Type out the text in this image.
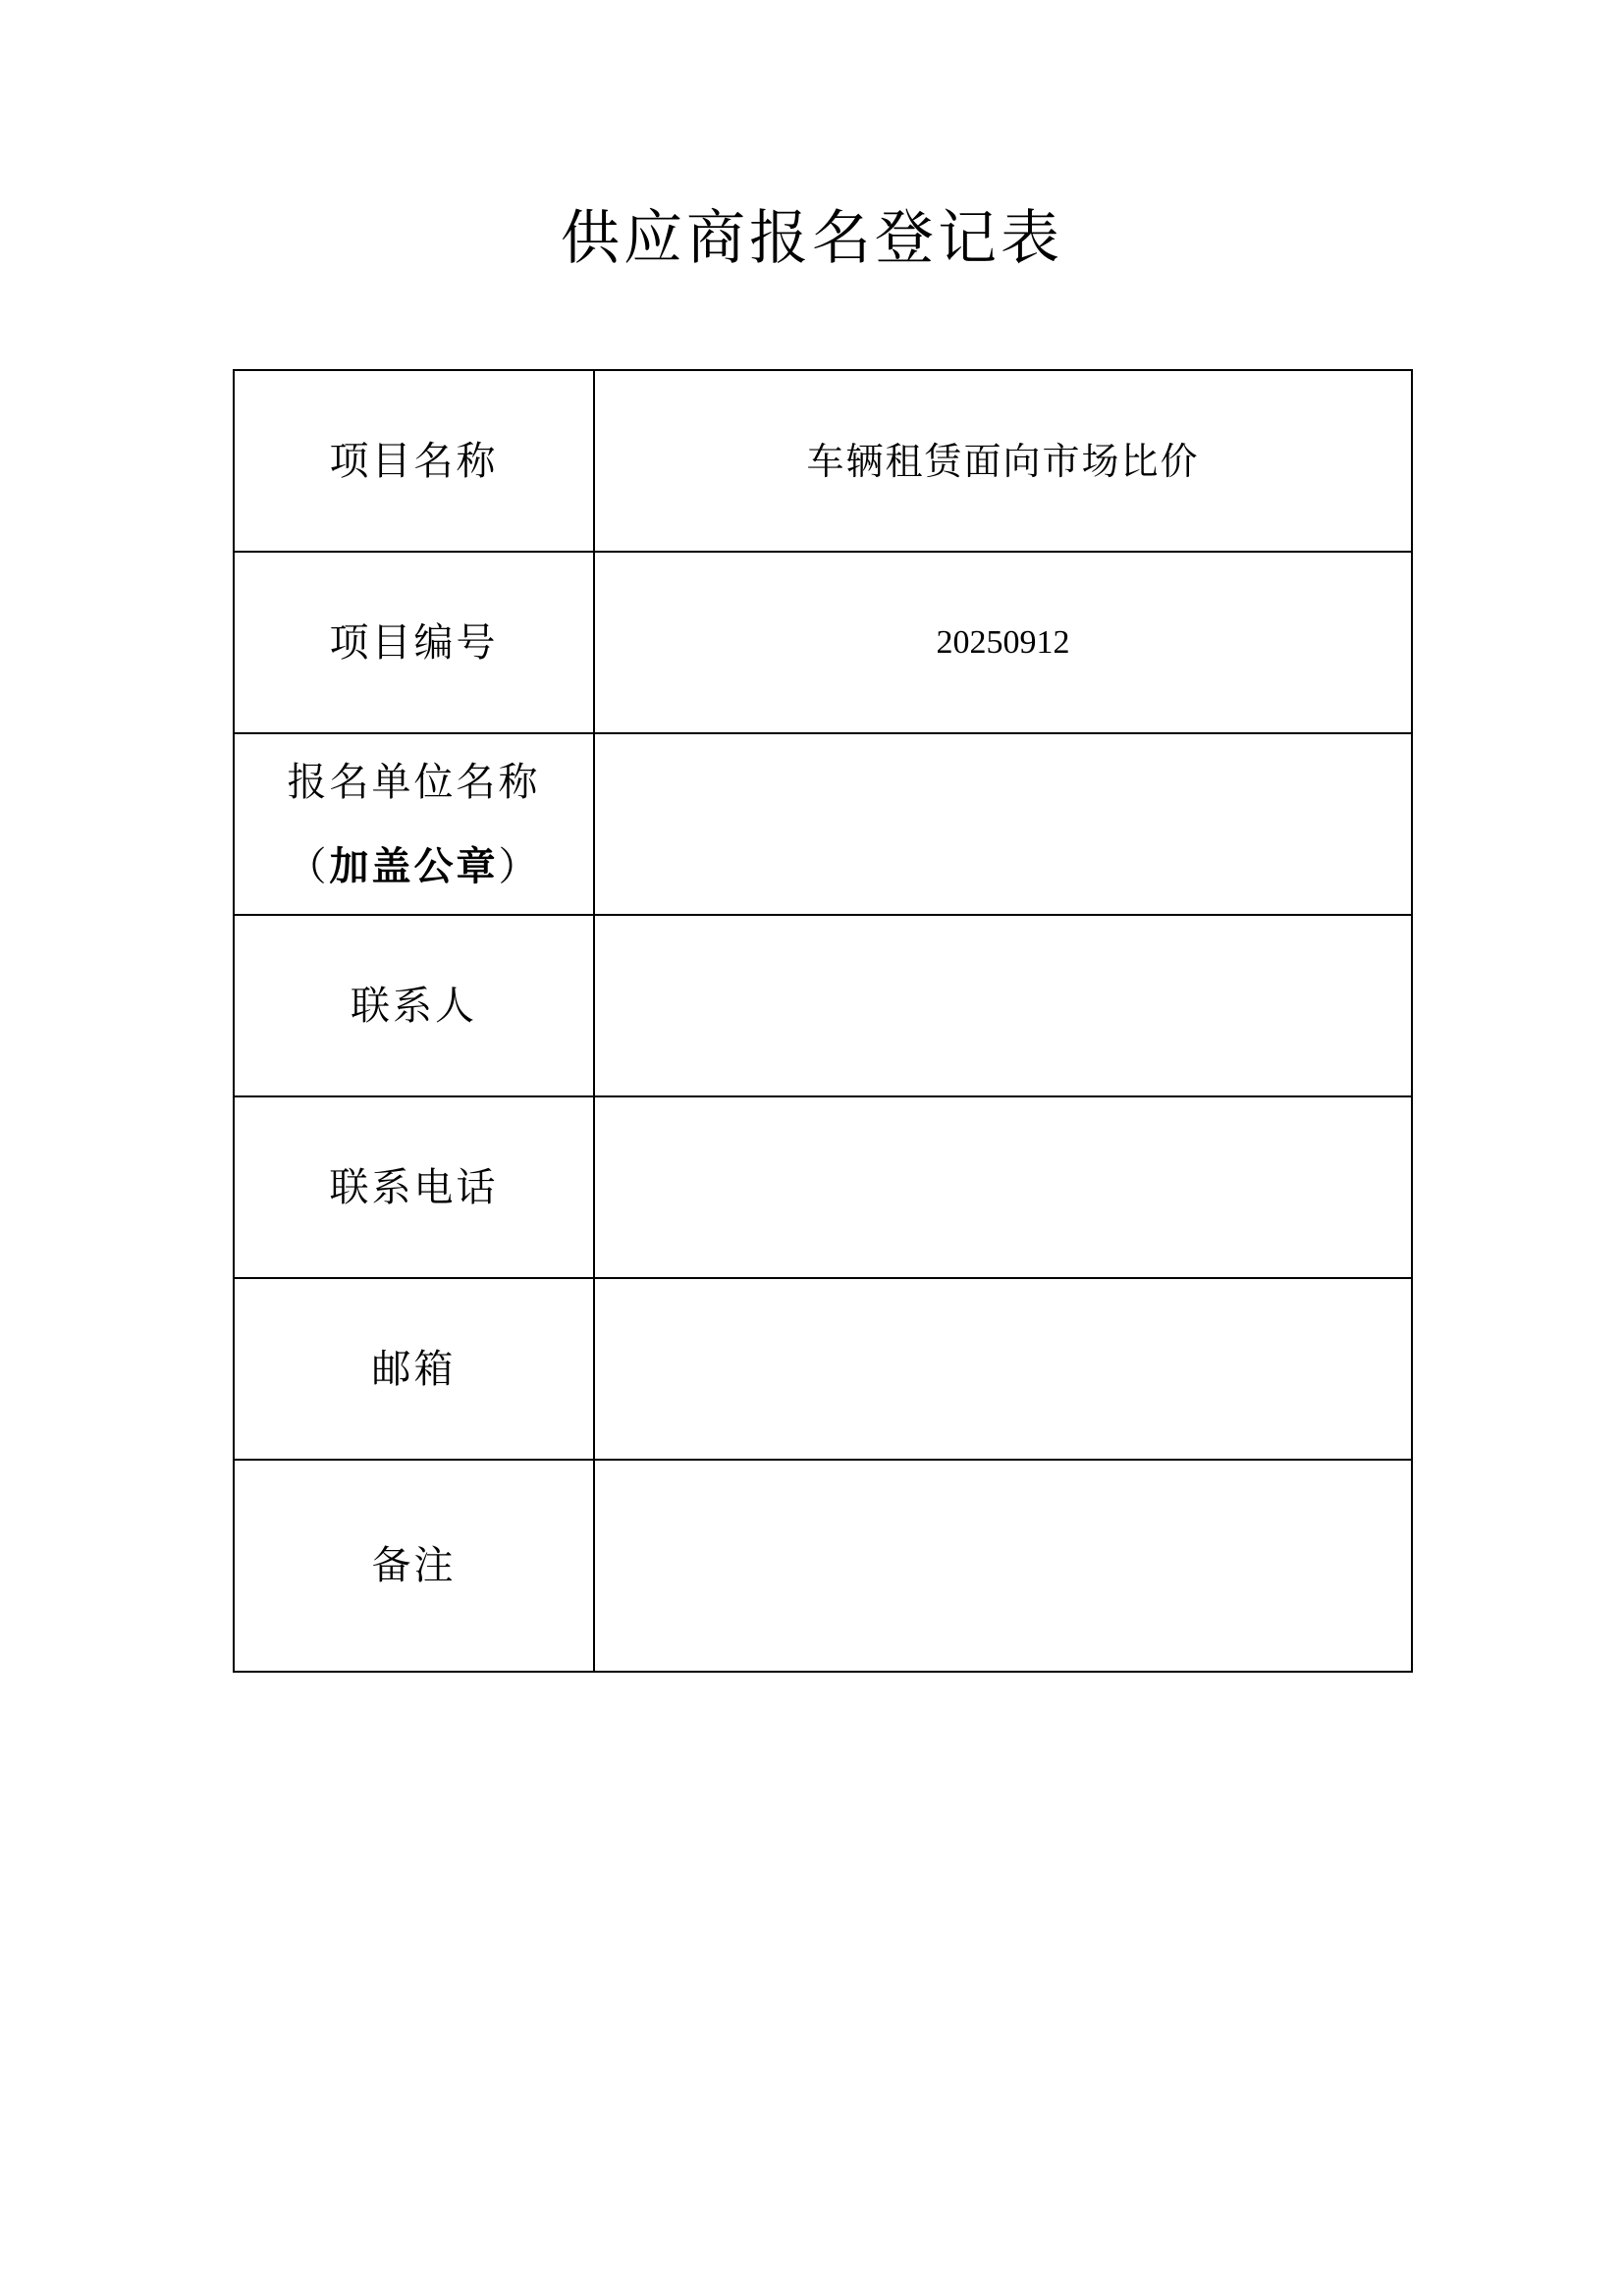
供应商报名登记表
项目名称	车辆租赁面向市场比价
项目编号	20250912

报名单位名称
（加盖公章）	

联系人	
联系电话	
邮箱	
备注	
